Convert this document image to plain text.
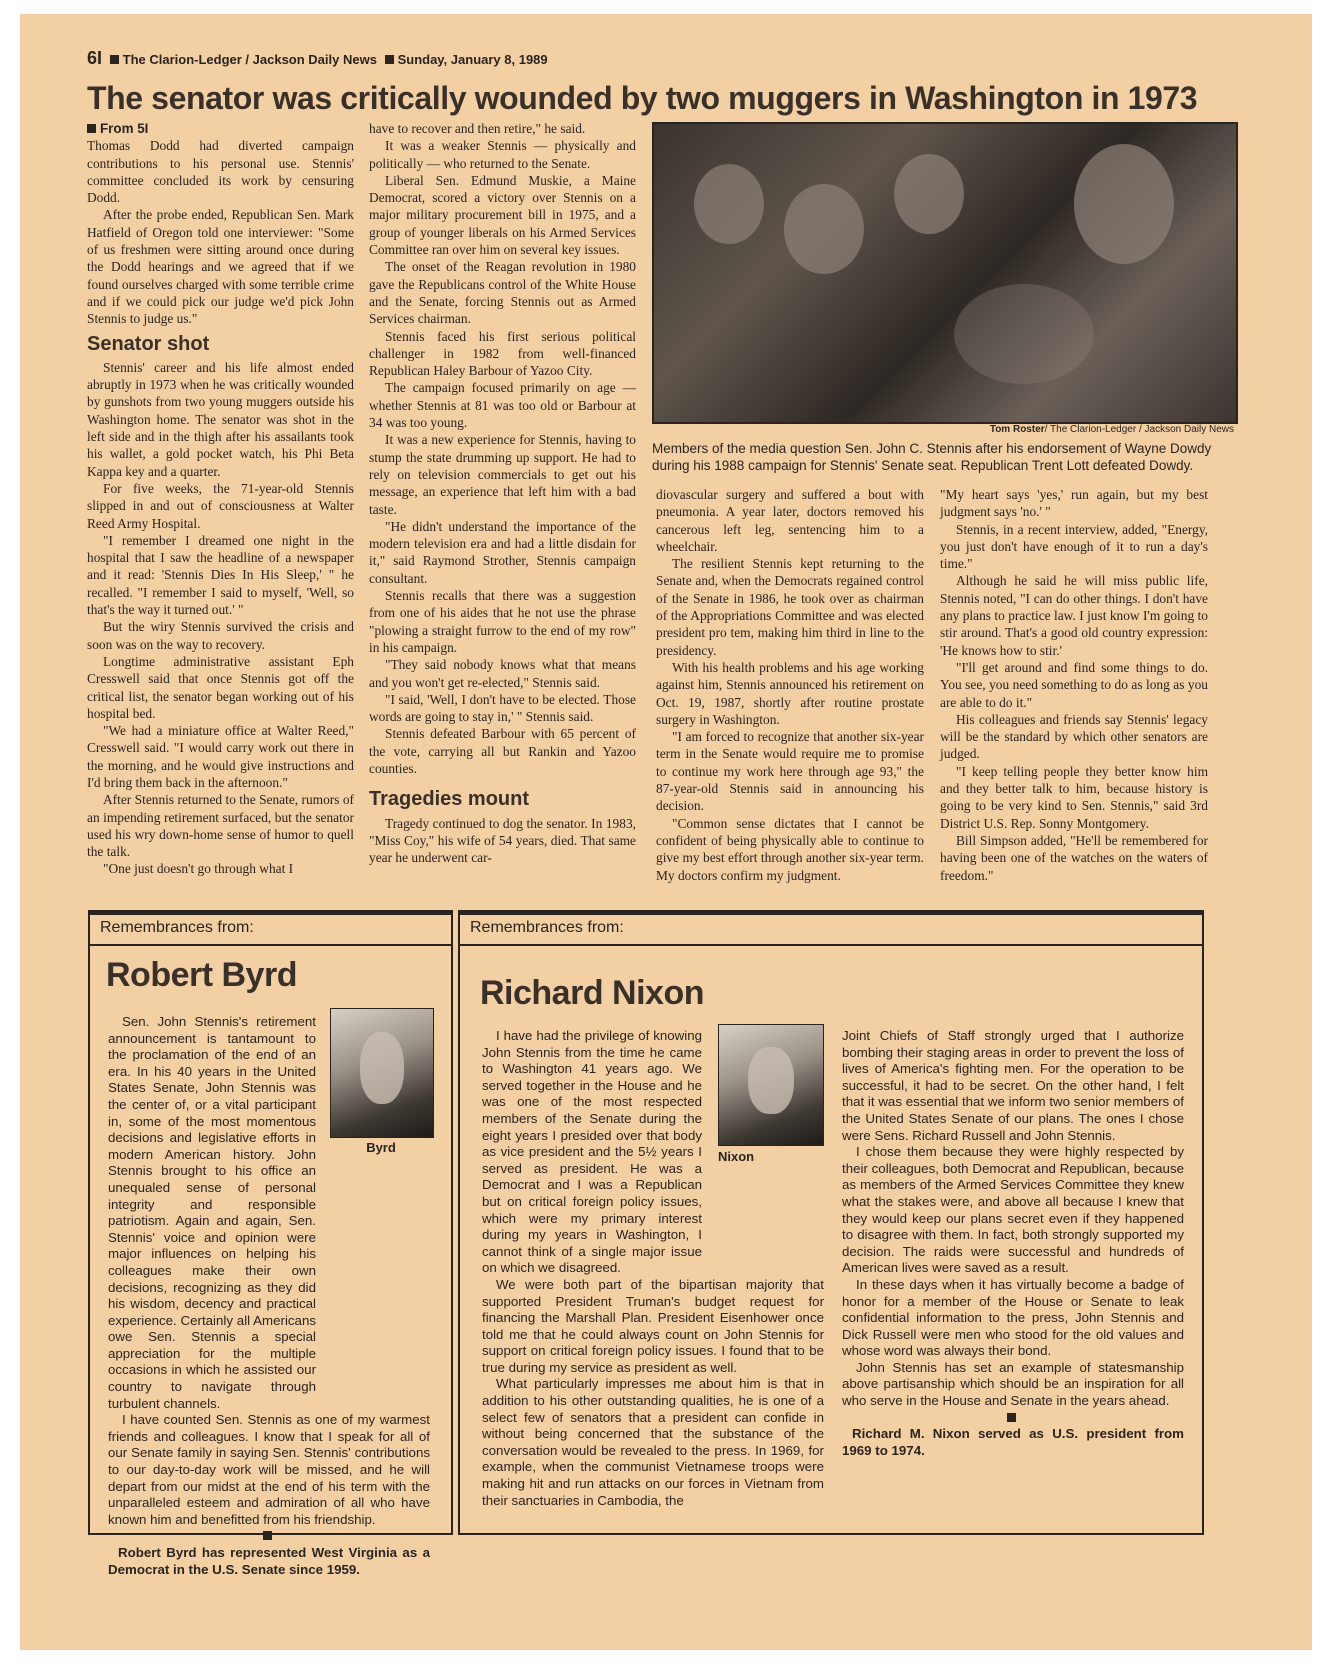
6I The Clarion-Ledger / Jackson Daily News Sunday, January 8, 1989
The senator was critically wounded by two muggers in Washington in 1973

From 5I

Thomas Dodd had diverted campaign contributions to his personal use. Stennis' committee concluded its work by censuring Dodd.

After the probe ended, Republican Sen. Mark Hatfield of Oregon told one interviewer: "Some of us freshmen were sitting around once during the Dodd hearings and we agreed that if we found ourselves charged with some terrible crime and if we could pick our judge we'd pick John Stennis to judge us."

Senator shot

Stennis' career and his life almost ended abruptly in 1973 when he was critically wounded by gunshots from two young muggers outside his Washington home. The senator was shot in the left side and in the thigh after his assailants took his wallet, a gold pocket watch, his Phi Beta Kappa key and a quarter.

For five weeks, the 71-year-old Stennis slipped in and out of consciousness at Walter Reed Army Hospital.

"I remember I dreamed one night in the hospital that I saw the headline of a newspaper and it read: 'Stennis Dies In His Sleep,' " he recalled. "I remember I said to myself, 'Well, so that's the way it turned out.' "

But the wiry Stennis survived the crisis and soon was on the way to recovery.

Longtime administrative assistant Eph Cresswell said that once Stennis got off the critical list, the senator began working out of his hospital bed.

"We had a miniature office at Walter Reed," Cresswell said. "I would carry work out there in the morning, and he would give instructions and I'd bring them back in the afternoon."

After Stennis returned to the Senate, rumors of an impending retirement surfaced, but the senator used his wry down-home sense of humor to quell the talk.

"One just doesn't go through what I

have to recover and then retire," he said.

It was a weaker Stennis — physically and politically — who returned to the Senate.

Liberal Sen. Edmund Muskie, a Maine Democrat, scored a victory over Stennis on a major military procurement bill in 1975, and a group of younger liberals on his Armed Services Committee ran over him on several key issues.

The onset of the Reagan revolution in 1980 gave the Republicans control of the White House and the Senate, forcing Stennis out as Armed Services chairman.

Stennis faced his first serious political challenger in 1982 from well-financed Republican Haley Barbour of Yazoo City.

The campaign focused primarily on age — whether Stennis at 81 was too old or Barbour at 34 was too young.

It was a new experience for Stennis, having to stump the state drumming up support. He had to rely on television commercials to get out his message, an experience that left him with a bad taste.

"He didn't understand the importance of the modern television era and had a little disdain for it," said Raymond Strother, Stennis campaign consultant.

Stennis recalls that there was a suggestion from one of his aides that he not use the phrase "plowing a straight furrow to the end of my row" in his campaign.

"They said nobody knows what that means and you won't get re-elected," Stennis said.

"I said, 'Well, I don't have to be elected. Those words are going to stay in,' " Stennis said.

Stennis defeated Barbour with 65 percent of the vote, carrying all but Rankin and Yazoo counties.

Tragedies mount

Tragedy continued to dog the senator. In 1983, "Miss Coy," his wife of 54 years, died. That same year he underwent car-

Tom Roster/ The Clarion-Ledger / Jackson Daily News
Members of the media question Sen. John C. Stennis after his endorsement of Wayne Dowdy during his 1988 campaign for Stennis' Senate seat. Republican Trent Lott defeated Dowdy.

diovascular surgery and suffered a bout with pneumonia. A year later, doctors removed his cancerous left leg, sentencing him to a wheelchair.

The resilient Stennis kept returning to the Senate and, when the Democrats regained control of the Senate in 1986, he took over as chairman of the Appropriations Committee and was elected president pro tem, making him third in line to the presidency.

With his health problems and his age working against him, Stennis announced his retirement on Oct. 19, 1987, shortly after routine prostate surgery in Washington.

"I am forced to recognize that another six-year term in the Senate would require me to promise to continue my work here through age 93," the 87-year-old Stennis said in announcing his decision.

"Common sense dictates that I cannot be confident of being physically able to continue to give my best effort through another six-year term. My doctors confirm my judgment.

"My heart says 'yes,' run again, but my best judgment says 'no.' "

Stennis, in a recent interview, added, "Energy, you just don't have enough of it to run a day's time."

Although he said he will miss public life, Stennis noted, "I can do other things. I don't have any plans to practice law. I just know I'm going to stir around. That's a good old country expression: 'He knows how to stir.'

"I'll get around and find some things to do. You see, you need something to do as long as you are able to do it."

His colleagues and friends say Stennis' legacy will be the standard by which other senators are judged.

"I keep telling people they better know him and they better talk to him, because history is going to be very kind to Sen. Stennis," said 3rd District U.S. Rep. Sonny Montgomery.

Bill Simpson added, "He'll be remembered for having been one of the watches on the waters of freedom."

Remembrances from:
Robert Byrd
Byrd

Sen. John Stennis's retirement announcement is tantamount to the proclamation of the end of an era. In his 40 years in the United States Senate, John Stennis was the center of, or a vital participant in, some of the most momentous decisions and legislative efforts in modern American history. John Stennis brought to his office an unequaled sense of personal integrity and responsible patriotism. Again and again, Sen. Stennis' voice and opinion were major influences on helping his colleagues make their own decisions, recognizing as they did his wisdom, decency and practical experience. Certainly all Americans owe Sen. Stennis a special appreciation for the multiple occasions in which he assisted our country to navigate through turbulent channels.

I have counted Sen. Stennis as one of my warmest friends and colleagues. I know that I speak for all of our Senate family in saying Sen. Stennis' contributions to our day-to-day work will be missed, and he will depart from our midst at the end of his term with the unparalleled esteem and admiration of all who have known him and benefitted from his friendship.

Robert Byrd has represented West Virginia as a Democrat in the U.S. Senate since 1959.

Remembrances from:
Richard Nixon
Nixon

I have had the privilege of knowing John Stennis from the time he came to Washington 41 years ago. We served together in the House and he was one of the most respected members of the Senate during the eight years I presided over that body as vice president and the 5½ years I served as president. He was a Democrat and I was a Republican but on critical foreign policy issues, which were my primary interest during my years in Washington, I cannot think of a single major issue on which we disagreed.

We were both part of the bipartisan majority that supported President Truman's budget request for financing the Marshall Plan. President Eisenhower once told me that he could always count on John Stennis for support on critical foreign policy issues. I found that to be true during my service as president as well.

What particularly impresses me about him is that in addition to his other outstanding qualities, he is one of a select few of senators that a president can confide in without being concerned that the substance of the conversation would be revealed to the press. In 1969, for example, when the communist Vietnamese troops were making hit and run attacks on our forces in Vietnam from their sanctuaries in Cambodia, the

Joint Chiefs of Staff strongly urged that I authorize bombing their staging areas in order to prevent the loss of lives of America's fighting men. For the operation to be successful, it had to be secret. On the other hand, I felt that it was essential that we inform two senior members of the United States Senate of our plans. The ones I chose were Sens. Richard Russell and John Stennis.

I chose them because they were highly respected by their colleagues, both Democrat and Republican, because as members of the Armed Services Committee they knew what the stakes were, and above all because I knew that they would keep our plans secret even if they happened to disagree with them. In fact, both strongly supported my decision. The raids were successful and hundreds of American lives were saved as a result.

In these days when it has virtually become a badge of honor for a member of the House or Senate to leak confidential information to the press, John Stennis and Dick Russell were men who stood for the old values and whose word was always their bond.

John Stennis has set an example of statesmanship above partisanship which should be an inspiration for all who serve in the House and Senate in the years ahead.

Richard M. Nixon served as U.S. president from 1969 to 1974.
